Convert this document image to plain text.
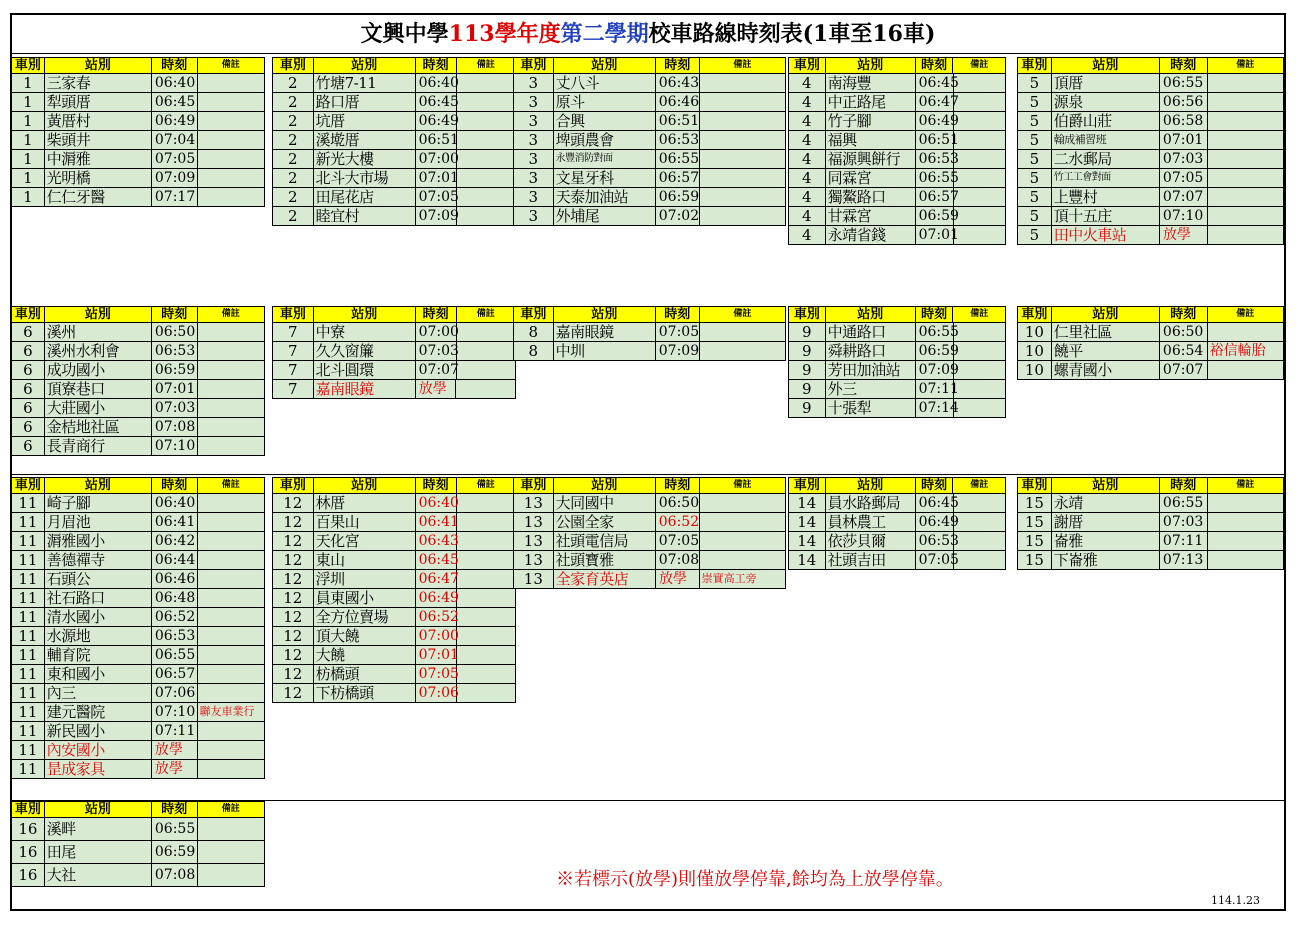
文興中學113學年度第二學期校車路線時刻表(1車至16車)
車別	站別	時刻	備註
1 三家春	06:40
1 犁頭厝	06:45
1 黃厝村	06:49
1 柴頭井	07:04
1 中漘雅	07:05
1 光明橋	07:09
1 仁仁牙醫	07:17
車別	站別	時刻	備註
2	竹塘7-11	06:40
2	路口厝	06:45
2	坑厝	06:49
2	溪墘厝	06:51
2	新光大樓	07:00
2	北斗大市場	07:01
2	田尾花店	07:05
2	睦宜村	07:09
車別	站別	時刻	備註
3	丈八斗	06:43
3	原斗	06:46
3	合興	06:51
3	埤頭農會	06:53
3	永豐消防對面	06:55
3	文星牙科	06:57
3	天泰加油站	06:59
3	外埔尾	07:02
車別	站別	時刻	備註
4	南海豐	06:45
4	中正路尾	06:47
4	竹子腳	06:49
4	福興	06:51
4	福源興餅行	06:53
4	同霖宮	06:55
4	獨鰲路口	06:57
4	甘霖宮	06:59
4	永靖省錢	07:01
車別	站別	時刻	備註
5 頂厝	06:55
5 源泉	06:56
5 伯爵山莊	06:58
5	翰成補習班	07:01
5 二水郵局	07:03
5	竹工工會對面	07:05
5 上豐村	07:07
5 頂十五庄	07:10
5 田中火車站	放學
車別	站別	時刻	備註
6 溪州	06:50
6 溪州水利會	06:53
6 成功國小	06:59
6 頂寮巷口	07:01
6 大莊國小	07:03
6 金桔地社區	07:08
6 長青商行	07:10
車別	站別	時刻	備註
7	中寮	07:00
7	久久窗簾	07:03
7	北斗圓環	07:07
7	嘉南眼鏡	放學
車別	站別	時刻	備註
8	嘉南眼鏡	07:05
8	中圳	07:09
車別	站別	時刻	備註
9	中通路口	06:55
9	舜耕路口	06:59
9	芳田加油站	07:09
9	外三	07:11
9	十張犁	07:14
車別	站別	時刻	備註
10 仁里社區	06:50
10 饒平	06:54 裕信輪胎
10 螺青國小	07:07
車別	站別	時刻	備註
11 崎子腳	06:40
11 月眉池	06:41
11 漘雅國小	06:42
11 善德禪寺	06:44
11 石頭公	06:46
11 社石路口	06:48
11 清水國小	06:52
11 水源地	06:53
11 輔育院	06:55
11 東和國小	06:57
11 內三	07:06
11 建元醫院	07:10 聯友車業行
11 新民國小	07:11
11 內安國小	放學
11 昰成家具	放學
車別	站別	時刻	備註
12 林厝	06:40
12 百果山	06:41
12 天化宮	06:43
12 東山	06:45
12 浮圳	06:47
12 員東國小	06:49
12 全方位賣場	06:52
12 頂大饒	07:00
12 大饒	07:01
12 枋橋頭	07:05
12 下枋橋頭	07:06
車別	站別	時刻	備註
13 大同國中	06:50
13 公園全家	06:52
13 社頭電信局	07:05
13 社頭寶雅	07:08
13 全家育英店	放學	崇實高工旁
車別	站別	時刻	備註
14 員水路郵局	06:45
14 員林農工	06:49
14 依莎貝爾	06:53
14 社頭吉田	07:05
車別	站別	時刻	備註
15 永靖	06:55
15 謝厝	07:03
15 崙雅	07:11
15 下崙雅	07:13
車別	站別	時刻	備註
16 溪畔	06:55
16 田尾	06:59
16 大社	07:08	※若標示(放學)則僅放學停靠,餘均為上放學停靠。
114.1.23
